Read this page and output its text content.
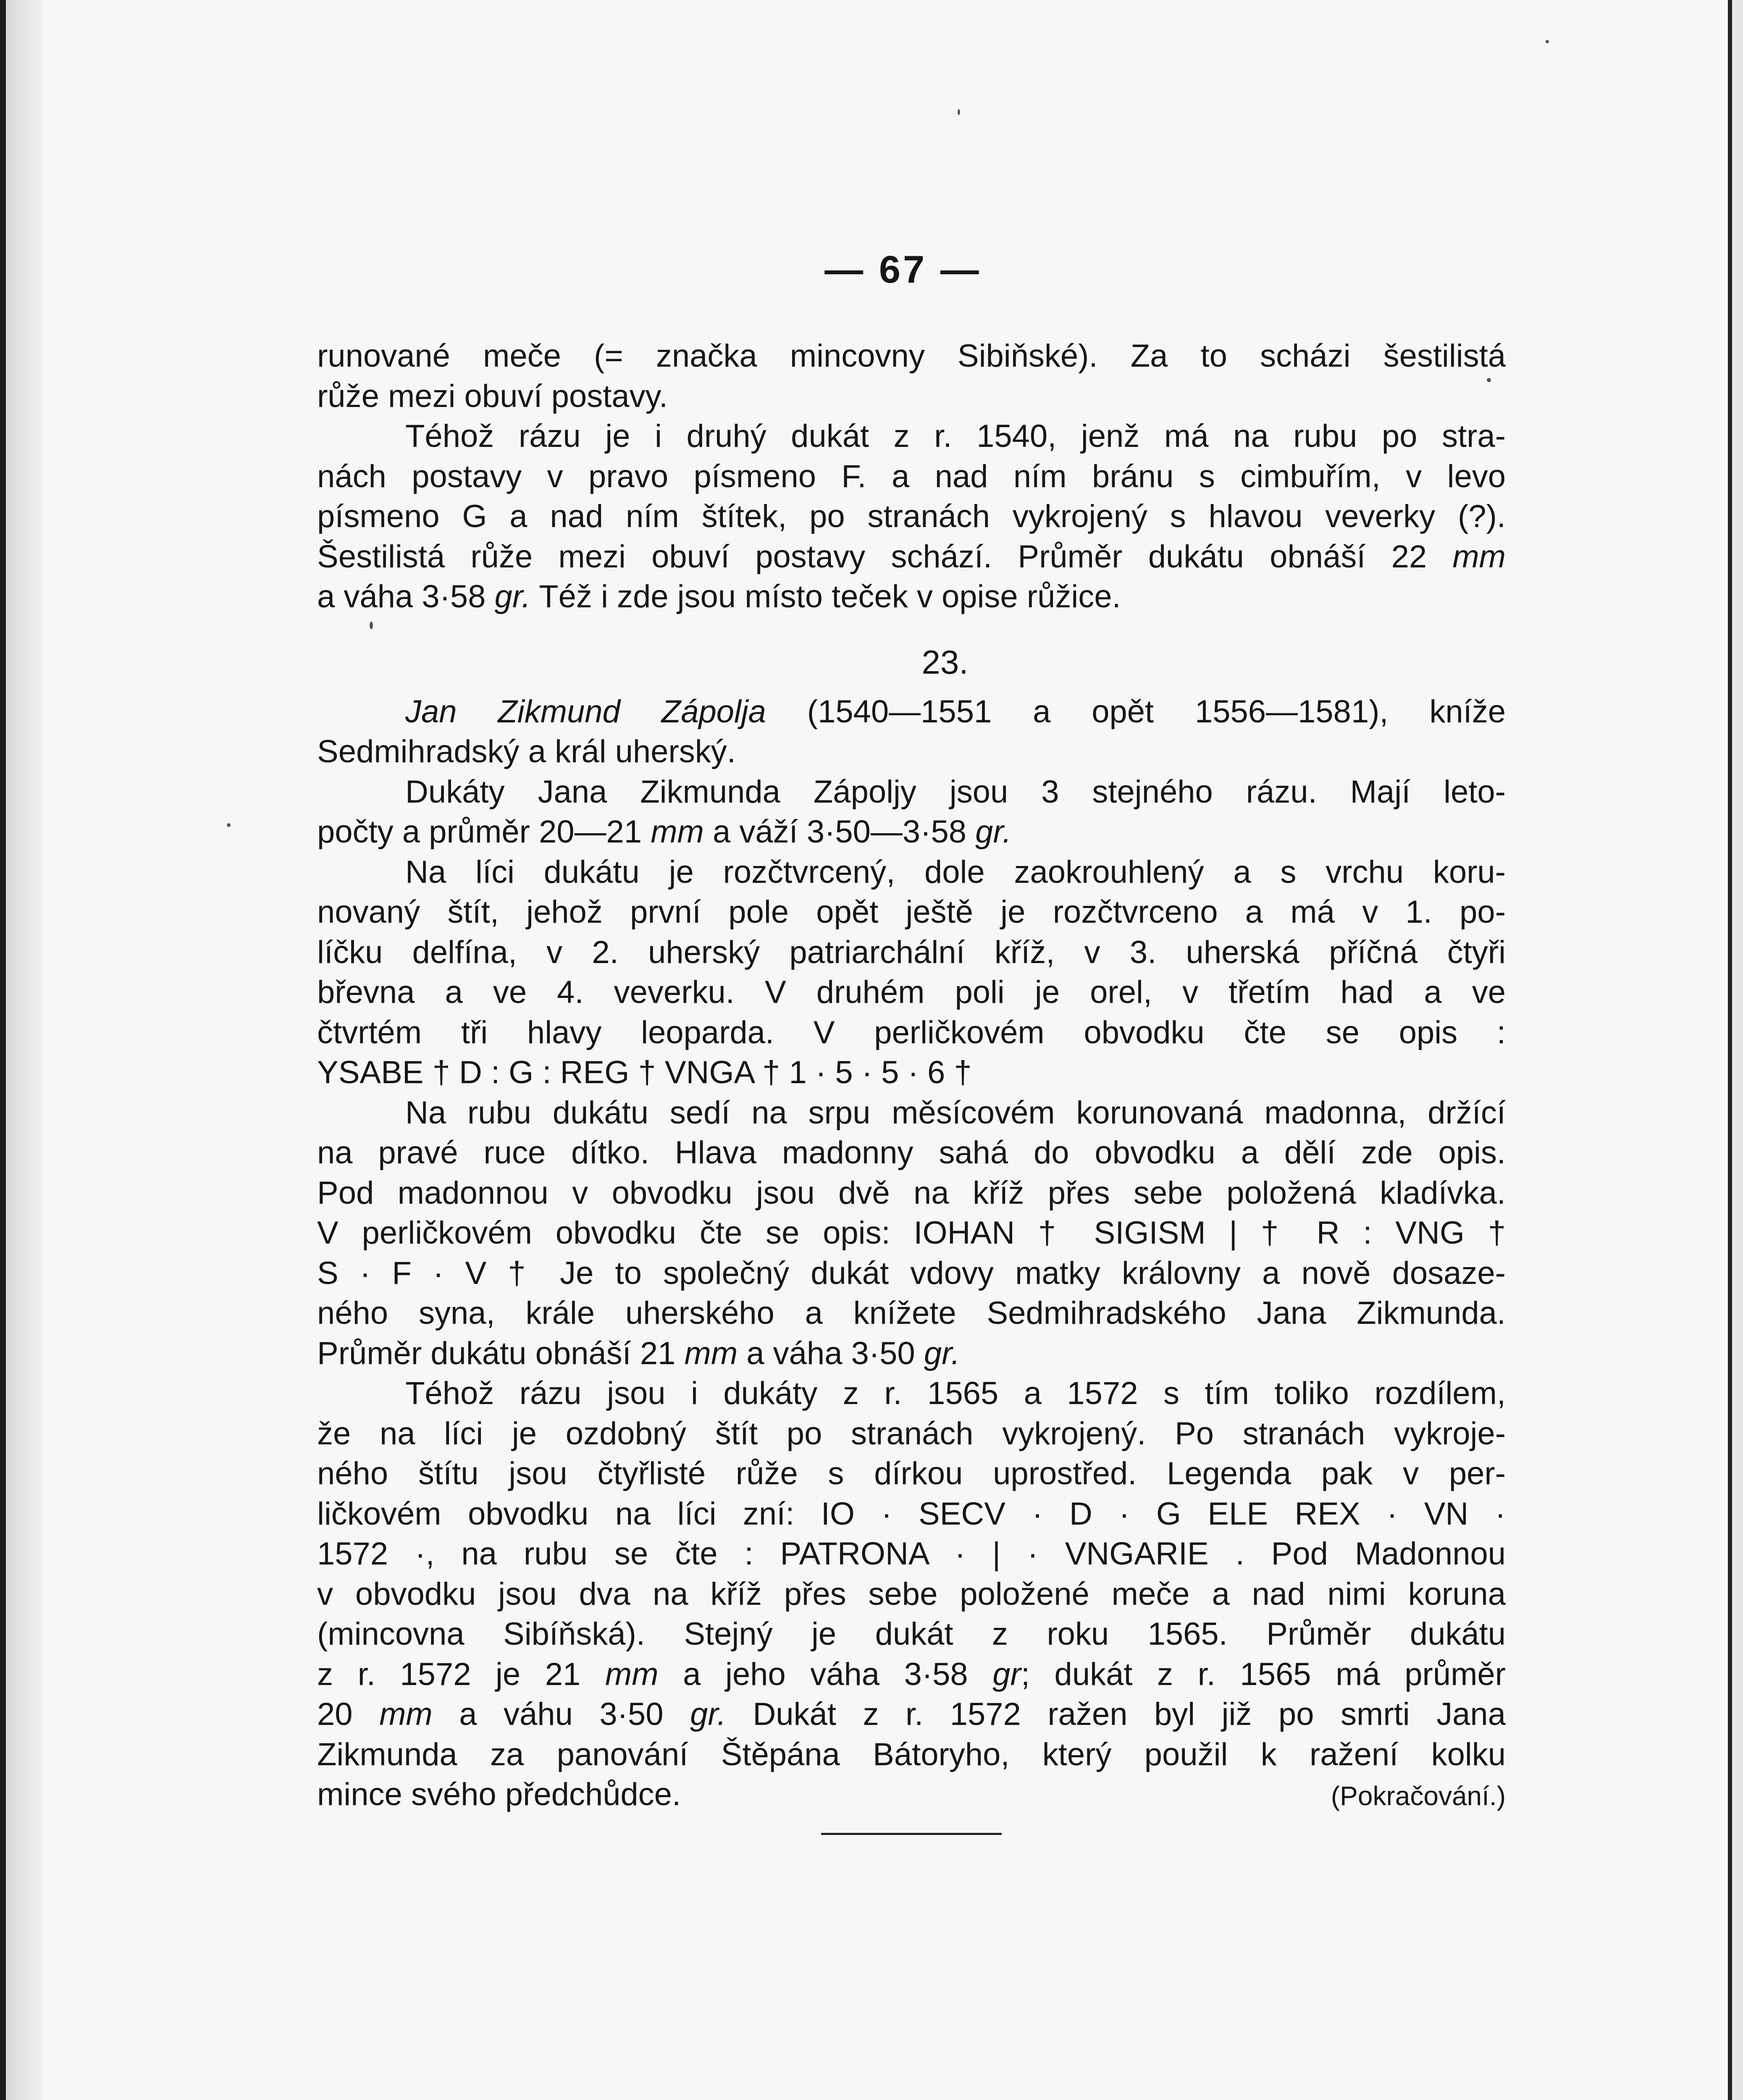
— 67 —
runované meče (= značka mincovny Sibiňské). Za to scházi šestilistá
růže mezi obuví postavy.
Téhož rázu je i druhý dukát z r. 1540, jenž má na rubu po stra-
nách postavy v pravo písmeno F. a nad ním bránu s cimbuřím, v levo
písmeno G a nad ním štítek, po stranách vykrojený s hlavou veverky (?).
Šestilistá růže mezi obuví postavy schází. Průměr dukátu obnáší 22 mm
a váha 3·58 gr. Též i zde jsou místo teček v opise růžice.
23.
Jan Zikmund Zápolja (1540—1551 a opět 1556—1581), kníže
Sedmihradský a král uherský.
Dukáty Jana Zikmunda Zápoljy jsou 3 stejného rázu. Mají leto-
počty a průměr 20—21 mm a váží 3·50—3·58 gr.
Na líci dukátu je rozčtvrcený, dole zaokrouhlený a s vrchu koru-
novaný štít, jehož první pole opět ještě je rozčtvrceno a má v 1. po-
líčku delfína, v 2. uherský patriarchální kříž, v 3. uherská příčná čtyři
břevna a ve 4. veverku. V druhém poli je orel, v třetím had a ve
čtvrtém tři hlavy leoparda. V perličkovém obvodku čte se opis :
YSABE † D : G : REG † VNGA † 1 · 5 · 5 · 6 †
Na rubu dukátu sedí na srpu měsícovém korunovaná madonna, držící
na pravé ruce dítko. Hlava madonny sahá do obvodku a dělí zde opis.
Pod madonnou v obvodku jsou dvě na kříž přes sebe položená kladívka.
V perličkovém obvodku čte se opis: IOHAN † SIGISM | † R : VNG †
S · F · V † Je to společný dukát vdovy matky královny a nově dosaze-
ného syna, krále uherského a knížete Sedmihradského Jana Zikmunda.
Průměr dukátu obnáší 21 mm a váha 3·50 gr.
Téhož rázu jsou i dukáty z r. 1565 a 1572 s tím toliko rozdílem,
že na líci je ozdobný štít po stranách vykrojený. Po stranách vykroje-
ného štítu jsou čtyřlisté růže s dírkou uprostřed. Legenda pak v per-
ličkovém obvodku na líci zní: IO · SECV · D · G ELE REX · VN ·
1572 ·, na rubu se čte : PATRONA · | · VNGARIE . Pod Madonnou
v obvodku jsou dva na kříž přes sebe položené meče a nad nimi koruna
(mincovna Sibíňská). Stejný je dukát z roku 1565. Průměr dukátu
z r. 1572 je 21 mm a jeho váha 3·58 gr; dukát z r. 1565 má průměr
20 mm a váhu 3·50 gr. Dukát z r. 1572 ražen byl již po smrti Jana
Zikmunda za panování Štěpána Bátoryho, který použil k ražení kolku
mince svého předchůdce.	(Pokračování.)
